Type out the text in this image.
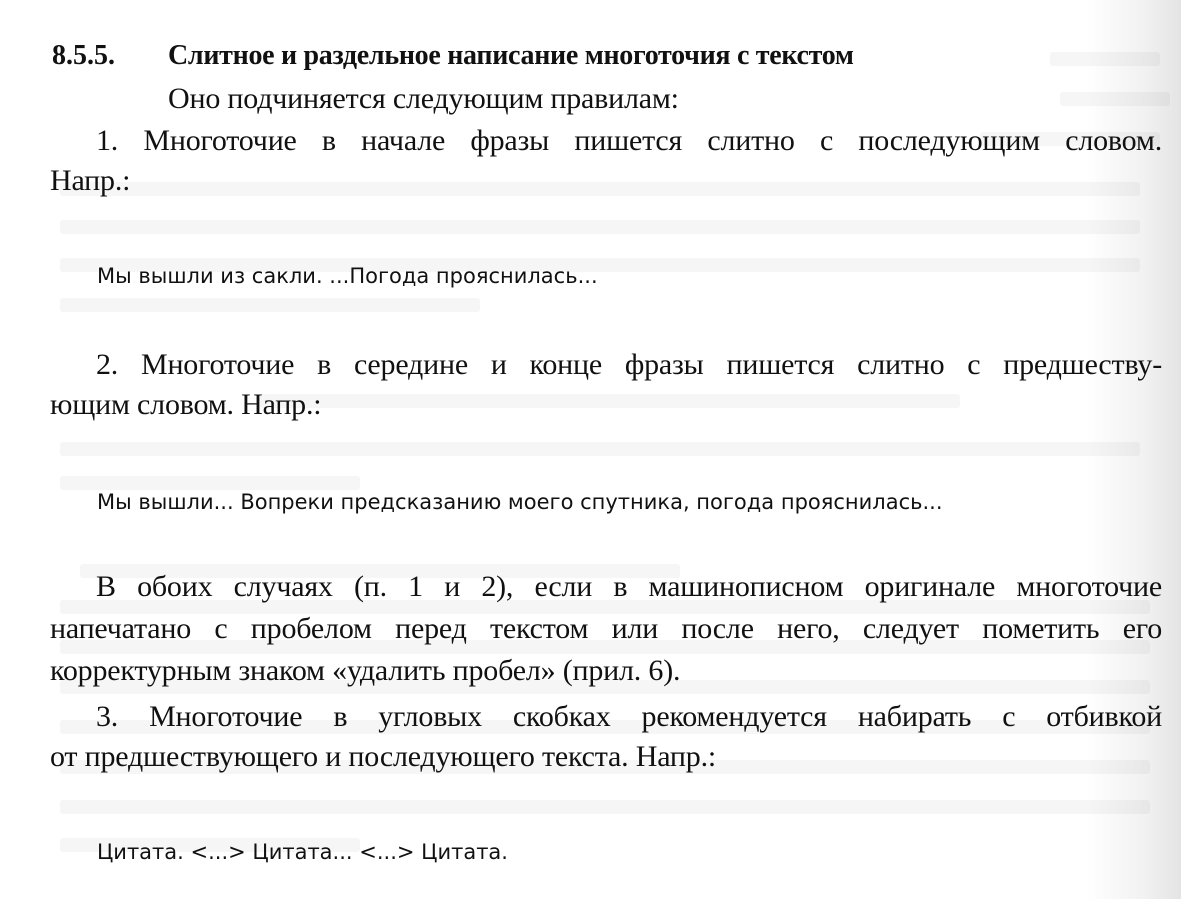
8.5.5. Слитное и раздельное написание многоточия с текстом

Оно подчиняется следующим правилам:

1. Многоточие в начале фразы пишется слитно с последующим словом.

Напр.:

Мы вышли из сакли. ...Погода прояснилась...

2. Многоточие в середине и конце фразы пишется слитно с предшеству-

ющим словом. Напр.:

Мы вышли... Вопреки предсказанию моего спутника, погода прояснилась...

В обоих случаях (п. 1 и 2), если в машинописном оригинале многоточие

напечатано с пробелом перед текстом или после него, следует пометить его

корректурным знаком «удалить пробел» (прил. 6).

3. Многоточие в угловых скобках рекомендуется набирать с отбивкой

от предшествующего и последующего текста. Напр.:

Цитата. <...> Цитата... <...> Цитата.
